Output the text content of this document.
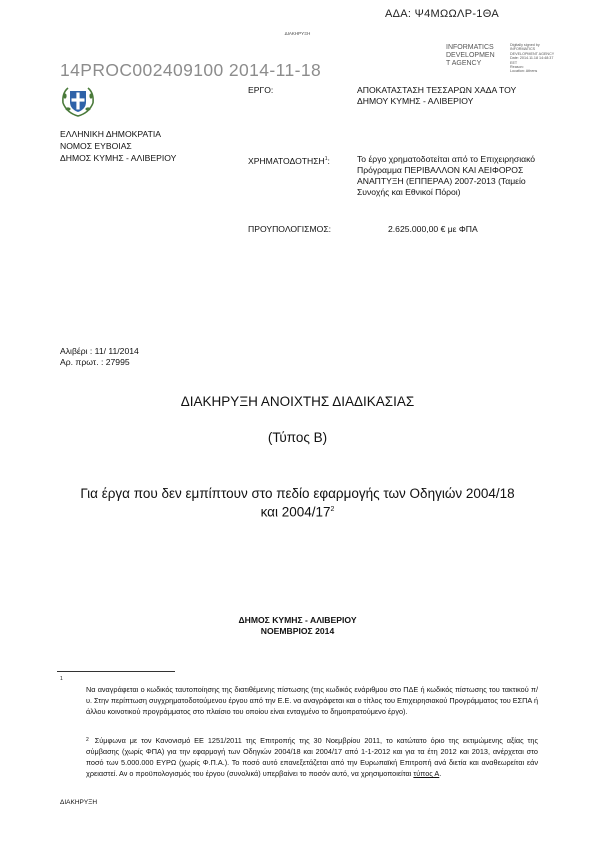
ΑΔΑ: Ψ4ΜΩΩΛΡ-1ΘΑ
ΔΙΑΚΗΡΥΞΗ
14PROC002409100 2014-11-18
INFORMATICS
DEVELOPMEN
T AGENCY
Digitally signed by
INFORMATICS
DEVELOPMENT AGENCY
Date: 2014.11.18 14:48:37
EET
Reason:
Location: Athens
ΕΛΛΗΝΙΚΗ ΔΗΜΟΚΡΑΤΙΑ
ΝΟΜΟΣ ΕΥΒΟΙΑΣ
ΔΗΜΟΣ ΚΥΜΗΣ - ΑΛΙΒΕΡΙΟΥ
ΕΡΓΟ:	ΑΠΟΚΑΤΑΣΤΑΣΗ ΤΕΣΣΑΡΩΝ ΧΑΔΑ ΤΟΥ ΔΗΜΟΥ ΚΥΜΗΣ - ΑΛΙΒΕΡΙΟΥ
ΧΡΗΜΑΤΟΔΟΤΗΣΗ$^1$:	Το έργο χρηματοδοτείται από το Επιχειρησιακό Πρόγραμμα ΠΕΡΙΒΑΛΛΟΝ ΚΑΙ ΑΕΙΦΟΡΟΣ ΑΝΑΠΤΥΞΗ (ΕΠΠΕΡΑΑ) 2007-2013 (Ταμείο Συνοχής και Εθνικοί Πόροι)
ΠΡΟΥΠΟΛΟΓΙΣΜΟΣ:	2.625.000,00 € με ΦΠΑ
Αλιβέρι : 11/ 11/2014
Αρ. πρωτ. : 27995
ΔΙΑΚΗΡΥΞΗ ΑΝΟΙΧΤΗΣ ΔΙΑΔΙΚΑΣΙΑΣ
(Τύπος Β)
Για έργα που δεν εμπίπτουν στο πεδίο εφαρμογής των Οδηγιών 2004/18 και $2004/17^2$
ΔΗΜΟΣ ΚΥΜΗΣ - ΑΛΙΒΕΡΙΟΥ
ΝΟΕΜΒΡΙΟΣ 2014
1
Να αναγράφεται ο κωδικός ταυτοποίησης της διατιθέμενης πίστωσης (της κωδικός ενάριθμου στο ΠΔΕ ή κωδικός πίστωσης του τακτικού π/υ. Στην περίπτωση συγχρηματοδοτούμενου έργου από την Ε.Ε. να αναγράφεται και ο τίτλος του Επιχειρησιακού Προγράμματος του ΕΣΠΑ ή άλλου κοινοτικού προγράμματος στο πλαίσιο του οποίου είναι ενταγμένο το δημοπρατούμενο έργο).
$^2$ Σύμφωνα με τον Κανονισμό ΕΕ 1251/2011 της Επιτροπής της 30 Νοεμβρίου 2011, το κατώτατο όριο της εκτιμώμενης αξίας της σύμβασης (χωρίς ΦΠΑ) για την εφαρμογή των Οδηγιών 2004/18 και 2004/17 από 1-1-2012 και για τα έτη 2012 και 2013, ανέρχεται στο ποσό των 5.000.000 ΕΥΡΩ (χωρίς Φ.Π.Α.). Το ποσό αυτό επανεξετάζεται από την Ευρωπαϊκή Επιτροπή ανά διετία και αναθεωρείται εάν χρειαστεί. Αν ο προϋπολογισμός του έργου (συνολικά) υπερβαίνει το ποσόν αυτό, να χρησιμοποιείται τύπος Α.
ΔΙΑΚΗΡΥΞΗ
